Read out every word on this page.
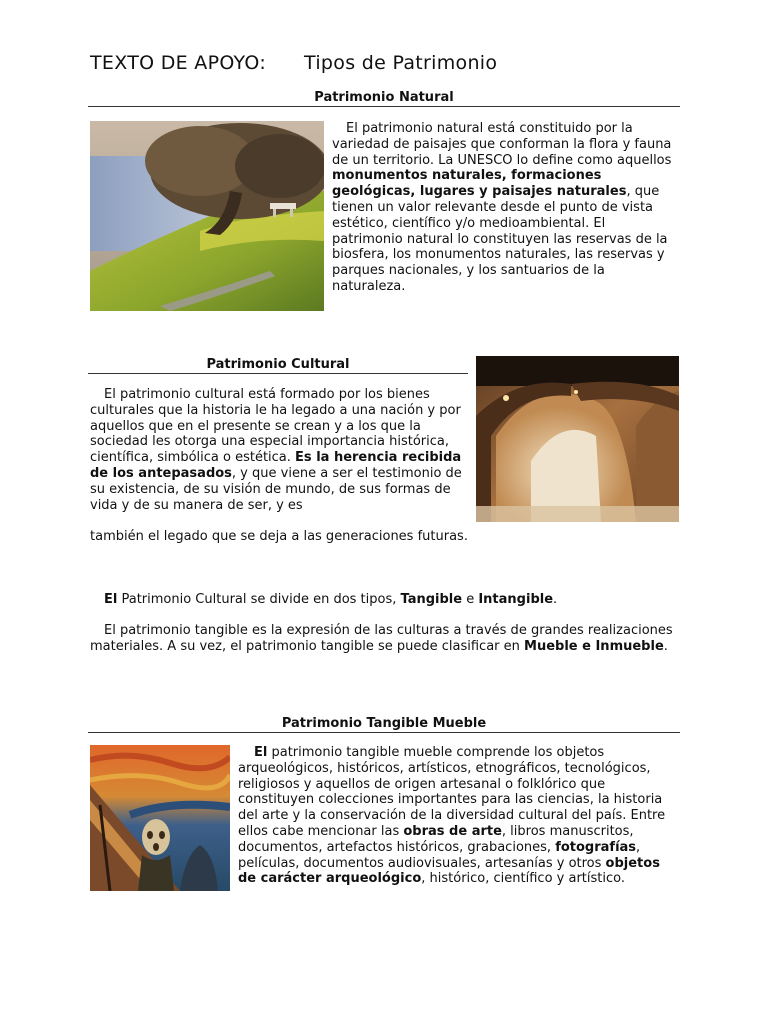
TEXTO DE APOYO: Tipos de Patrimonio
Patrimonio Natural

El patrimonio natural está constituido por la variedad de paisajes que conforman la flora y fauna de un territorio. La UNESCO lo define como aquellos monumentos naturales, formaciones geológicas, lugares y paisajes naturales, que tienen un valor relevante desde el punto de vista estético, científico y/o medioambiental. El patrimonio natural lo constituyen las reservas de la biosfera, los monumentos naturales, las reservas y parques nacionales, y los santuarios de la naturaleza.

Patrimonio Cultural

El patrimonio cultural está formado por los bienes culturales que la historia le ha legado a una nación y por aquellos que en el presente se crean y a los que la sociedad les otorga una especial importancia histórica, científica, simbólica o estética. Es la herencia recibida de los antepasados, y que viene a ser el testimonio de su existencia, de su visión de mundo, de sus formas de vida y de su manera de ser, y es

también el legado que se deja a las generaciones futuras.

El Patrimonio Cultural se divide en dos tipos, Tangible e Intangible.

El patrimonio tangible es la expresión de las culturas a través de grandes realizaciones materiales. A su vez, el patrimonio tangible se puede clasificar en Mueble e Inmueble.

Patrimonio Tangible Mueble

El patrimonio tangible mueble comprende los objetos arqueológicos, históricos, artísticos, etnográficos, tecnológicos, religiosos y aquellos de origen artesanal o folklórico que constituyen colecciones importantes para las ciencias, la historia del arte y la conservación de la diversidad cultural del país. Entre ellos cabe mencionar las obras de arte, libros manuscritos, documentos, artefactos históricos, grabaciones, fotografías, películas, documentos audiovisuales, artesanías y otros objetos de carácter arqueológico, histórico, científico y artístico.
